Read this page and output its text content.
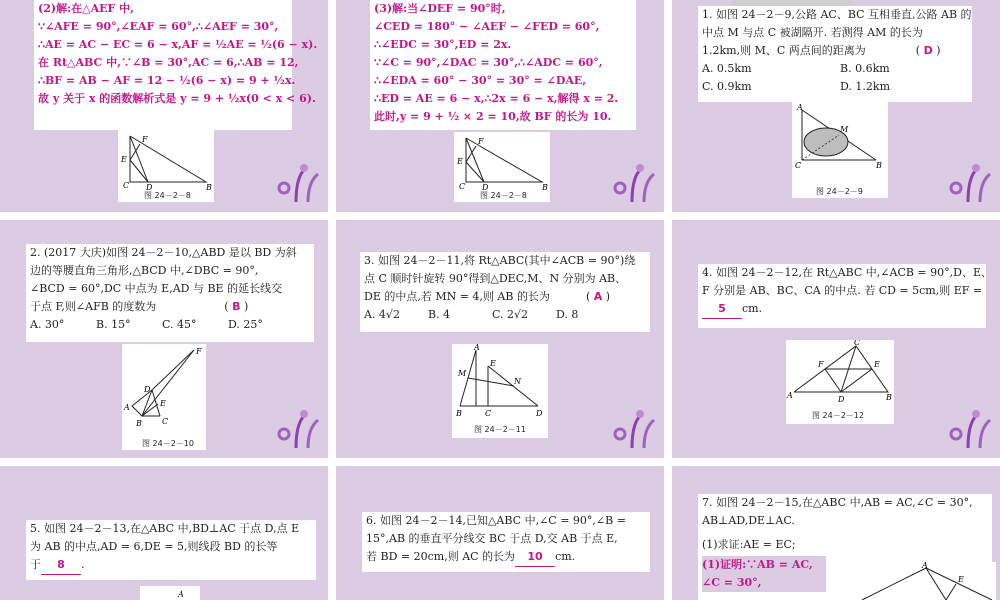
(2)解:在△AEF 中,
∵∠AFE = 90°,∠EAF = 60°,∴∠AEF = 30°,
∴AE = AC − EC = 6 − x,AF = ½AE = ½(6 − x).
在 Rt△ABC 中,∵∠B = 30°,AC = 6,∴AB = 12,
∴BF = AB − AF = 12 − ½(6 − x) = 9 + ½x.
故 y 关于 x 的函数解析式是 y = 9 + ½x(0 < x < 6).
F
E
C D	B
图 24－2－8
(3)解:当∠DEF = 90°时,
∠CED = 180° − ∠AEF − ∠FED = 60°,
∴∠EDC = 30°,ED = 2x.
∵∠C = 90°,∠DAC = 30°,∴∠ADC = 60°,
∴∠EDA = 60° − 30° = 30° = ∠DAE,
∴ED = AE = 6 − x,∴2x = 6 − x,解得 x = 2.
此时,y = 9 + ½ × 2 = 10,故 BF 的长为 10.
F
E
C D	B
图 24－2－8
1. 如图 24－2－9,公路 AC、BC 互相垂直,公路 AB 的
中点 M 与点 C 被湖隔开. 若测得 AM 的长为
1.2km,则 M、C 两点间的距离为	( D )
A. 0.5km	B. 0.6km
C. 0.9km	D. 1.2km
A
M
C	B
图 24－2－9
2. (2017 大庆)如图 24－2－10,△ABD 是以 BD 为斜
边的等腰直角三角形,△BCD 中,∠DBC = 90°,
∠BCD = 60°,DC 中点为 E,AD 与 BE 的延长线交
于点 F,则∠AFB 的度数为	( B )
A. 30°	B. 15°	C. 45°	D. 25°
F
D
E
A
B	C
图 24－2－10
3. 如图 24－2－11,将 Rt△ABC(其中∠ACB = 90°)绕
点 C 顺时针旋转 90°得到△DEC,M、N 分别为 AB、
DE 的中点,若 MN = 4,则 AB 的长为	( A )
A. 4√2	B. 4	C. 2√2	D. 8
A
M
E
N
B	C	D
图 24－2－11
4. 如图 24－2－12,在 Rt△ABC 中,∠ACB = 90°,D、E、
F 分别是 AB、BC、CA 的中点. 若 CD = 5cm,则 EF =
5 cm.
C
F	E
A	D	B
图 24－2－12
5. 如图 24－2－13,在△ABC 中,BD⊥AC 于点 D,点 E
为 AB 的中点,AD = 6,DE = 5,则线段 BD 的长等
于 8 .
A
6. 如图 24－2－14,已知△ABC 中,∠C = 90°,∠B =
15°,AB 的垂直平分线交 BC 于点 D,交 AB 于点 E,
若 BD = 20cm,则 AC 的长为 10 cm.
7. 如图 24－2－15,在△ABC 中,AB = AC,∠C = 30°,
AB⊥AD,DE⊥AC.
(1)求证:AE = EC;
(1)证明:∵AB = AC,
∠C = 30°,
A
E
